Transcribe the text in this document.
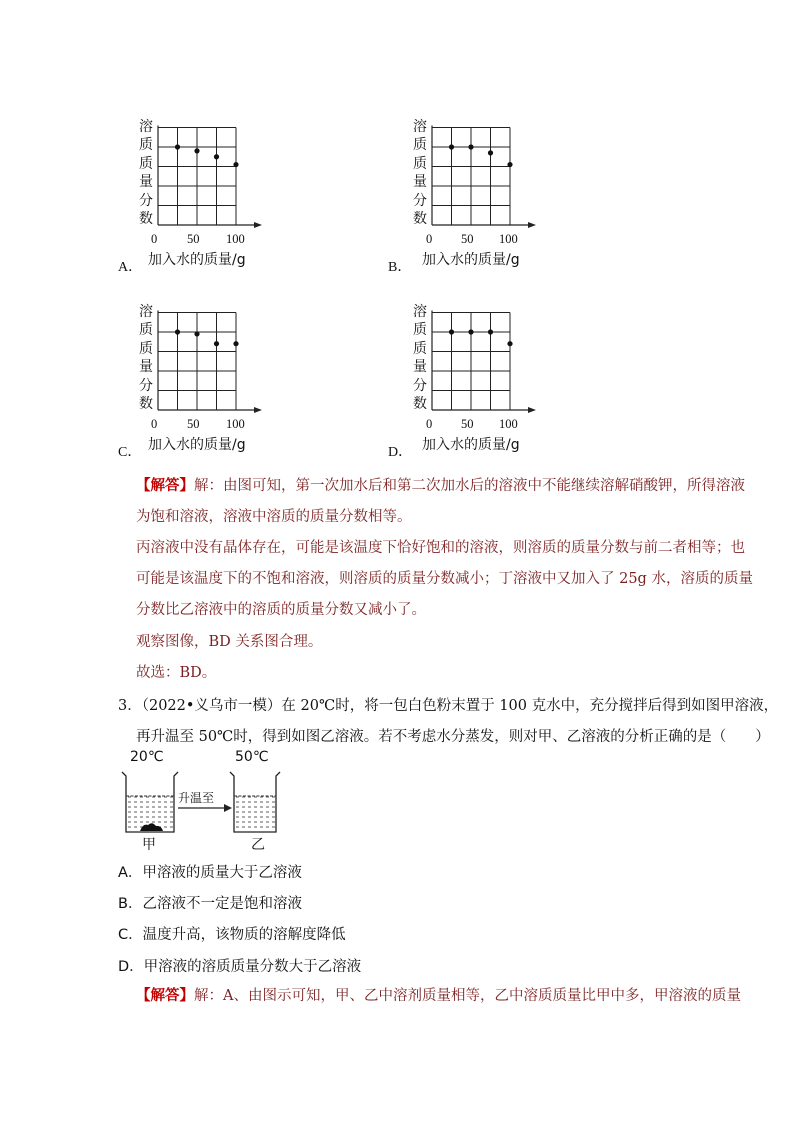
溶
质
质
量
分
数
0 50 100
A． 加入水的质量/g
溶
质
质
量
分
数
0 50 100
B． 加入水的质量/g
溶
质
质
量
分
数
0 50 100
C． 加入水的质量/g
溶
质
质
量
分
数
0 50 100
D． 加入水的质量/g
【解答】解：由图可知，第一次加水后和第二次加水后的溶液中不能继续溶解硝酸钾，所得溶液
为饱和溶液，溶液中溶质的质量分数相等。
丙溶液中没有晶体存在，可能是该温度下恰好饱和的溶液，则溶质的质量分数与前二者相等；也
可能是该温度下的不饱和溶液，则溶质的质量分数减小；丁溶液中又加入了 25g 水，溶质的质量
分数比乙溶液中的溶质的质量分数又减小了。
观察图像，BD 关系图合理。
故选：BD。
3．（2022•义乌市一模）在 20℃时，将一包白色粉末置于 100 克水中，充分搅拌后得到如图甲溶液，
再升温至 50℃时，得到如图乙溶液。若不考虑水分蒸发，则对甲、乙溶液的分析正确的是（　　）
20℃	50℃
升温至
甲	乙
A．甲溶液的质量大于乙溶液
B．乙溶液不一定是饱和溶液
C．温度升高，该物质的溶解度降低
D．甲溶液的溶质质量分数大于乙溶液
【解答】解：A、由图示可知，甲、乙中溶剂质量相等，乙中溶质质量比甲中多，甲溶液的质量
